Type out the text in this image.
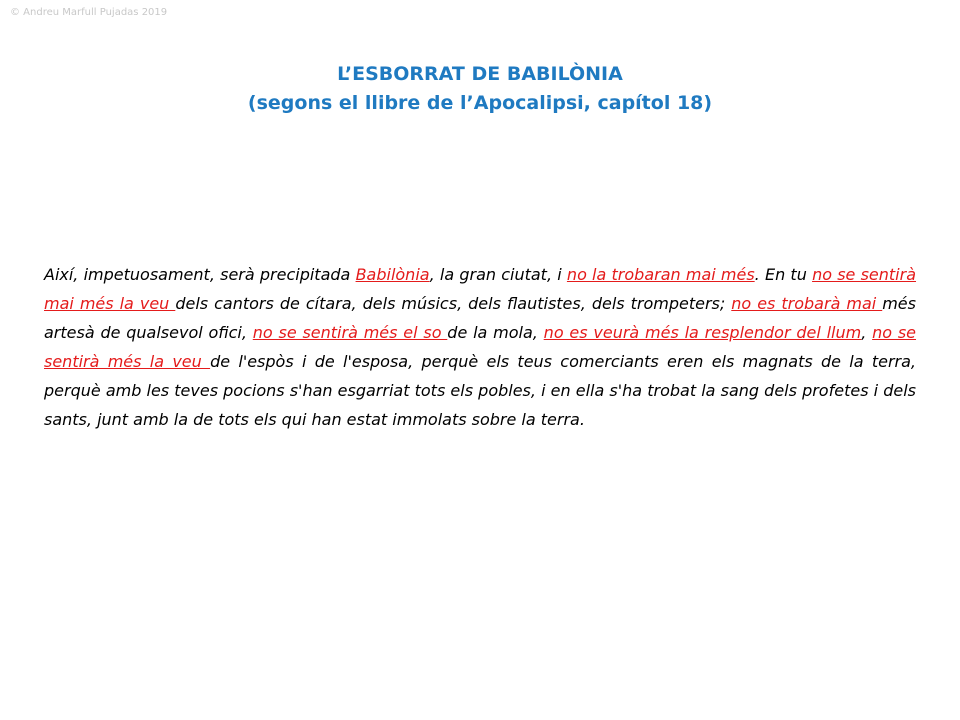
© Andreu Marfull Pujadas 2019
L’ESBORRAT DE BABILÒNIA
(segons el llibre de l’Apocalipsi, capítol 18)
Així, impetuosament, serà precipitada Babilònia, la gran ciutat, i no la trobaran mai més. En tu no se sentirà mai més la veu dels cantors de cítara, dels músics, dels flautistes, dels trompeters; no es trobarà mai més artesà de qualsevol ofici, no se sentirà més el so de la mola, no es veurà més la resplendor del llum, no se sentirà més la veu de l'espòs i de l'esposa, perquè els teus comerciants eren els magnats de la terra, perquè amb les teves pocions s'han esgarriat tots els pobles, i en ella s'ha trobat la sang dels profetes i dels sants, junt amb la de tots els qui han estat immolats sobre la terra.
